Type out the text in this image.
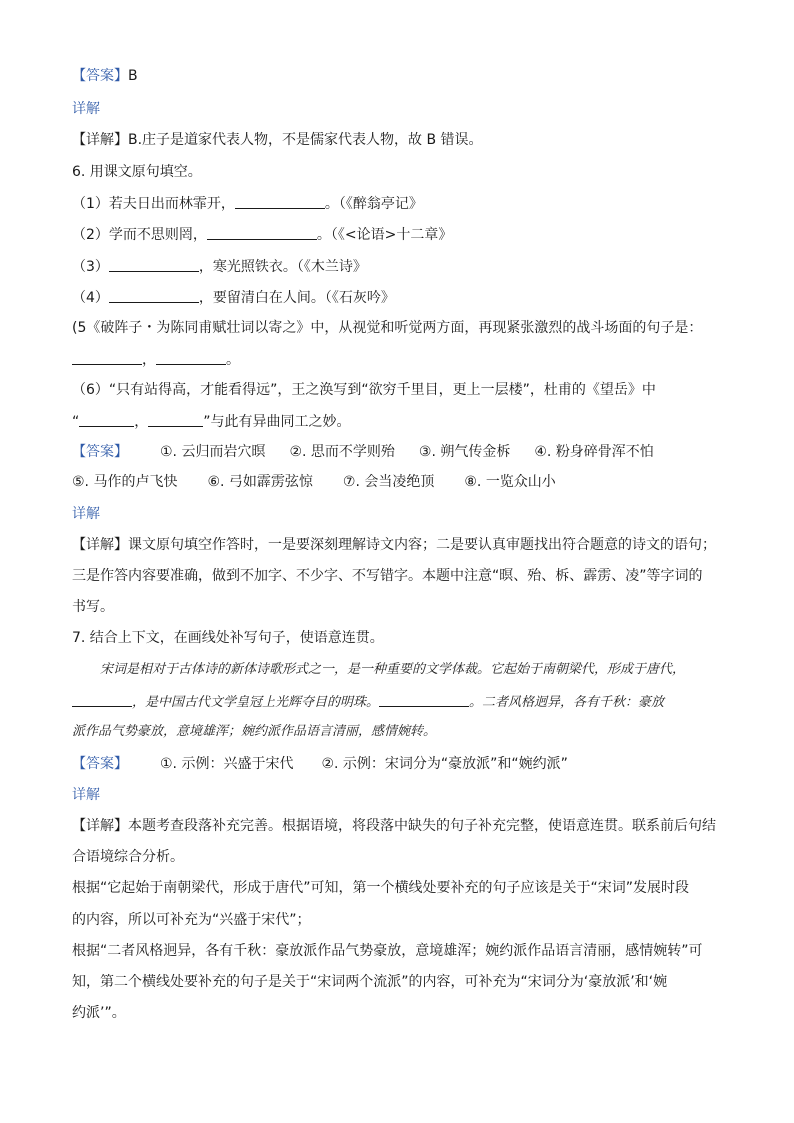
【答案】B
详解
【详解】B.庄子是道家代表人物，不是儒家代表人物，故 B 错误。
6. 用课文原句填空。
（1）若夫日出而林霏开，	。（《醉翁亭记》
（2）学而不思则罔，	。（《<论语>十二章》
（3）	，寒光照铁衣。（《木兰诗》
（4）	，要留清白在人间。（《石灰吟》
(5《破阵子・为陈同甫赋壮词以寄之》中，从视觉和听觉两方面，再现紧张激烈的战斗场面的句子是：
，	。
（6）“只有站得高，才能看得远”，王之涣写到“欲穷千里目，更上一层楼”，杜甫的《望岳》中
“	，	”与此有异曲同工之妙。
【答案】 ①. 云归而岩穴暝 ②. 思而不学则殆 ③. 朔气传金柝 ④. 粉身碎骨浑不怕
⑤. 马作的卢飞快 ⑥. 弓如霹雳弦惊 ⑦. 会当凌绝顶 ⑧. 一览众山小
详解
【详解】课文原句填空作答时，一是要深刻理解诗文内容；二是要认真审题找出符合题意的诗文的语句；
三是作答内容要准确，做到不加字、不少字、不写错字。本题中注意“暝、殆、柝、霹雳、凌”等字词的
书写。
7. 结合上下文，在画线处补写句子，使语意连贯。
宋词是相对于古体诗的新体诗歌形式之一，是一种重要的文学体裁。它起始于南朝梁代，形成于唐代，
，是中国古代文学皇冠上光辉夺目的明珠。	。二者风格迥异，各有千秋：豪放
派作品气势豪放，意境雄浑；婉约派作品语言清丽，感情婉转。
【答案】 ①. 示例：兴盛于宋代 ②. 示例：宋词分为“豪放派”和“婉约派”
详解
【详解】本题考查段落补充完善。根据语境，将段落中缺失的句子补充完整，使语意连贯。联系前后句结
合语境综合分析。
根据“它起始于南朝梁代，形成于唐代”可知，第一个横线处要补充的句子应该是关于“宋词”发展时段
的内容，所以可补充为“兴盛于宋代”；
根据“二者风格迥异，各有千秋：豪放派作品气势豪放，意境雄浑；婉约派作品语言清丽，感情婉转”可
知，第二个横线处要补充的句子是关于“宋词两个流派”的内容，可补充为“宋词分为‘豪放派’和‘婉
约派’”。
